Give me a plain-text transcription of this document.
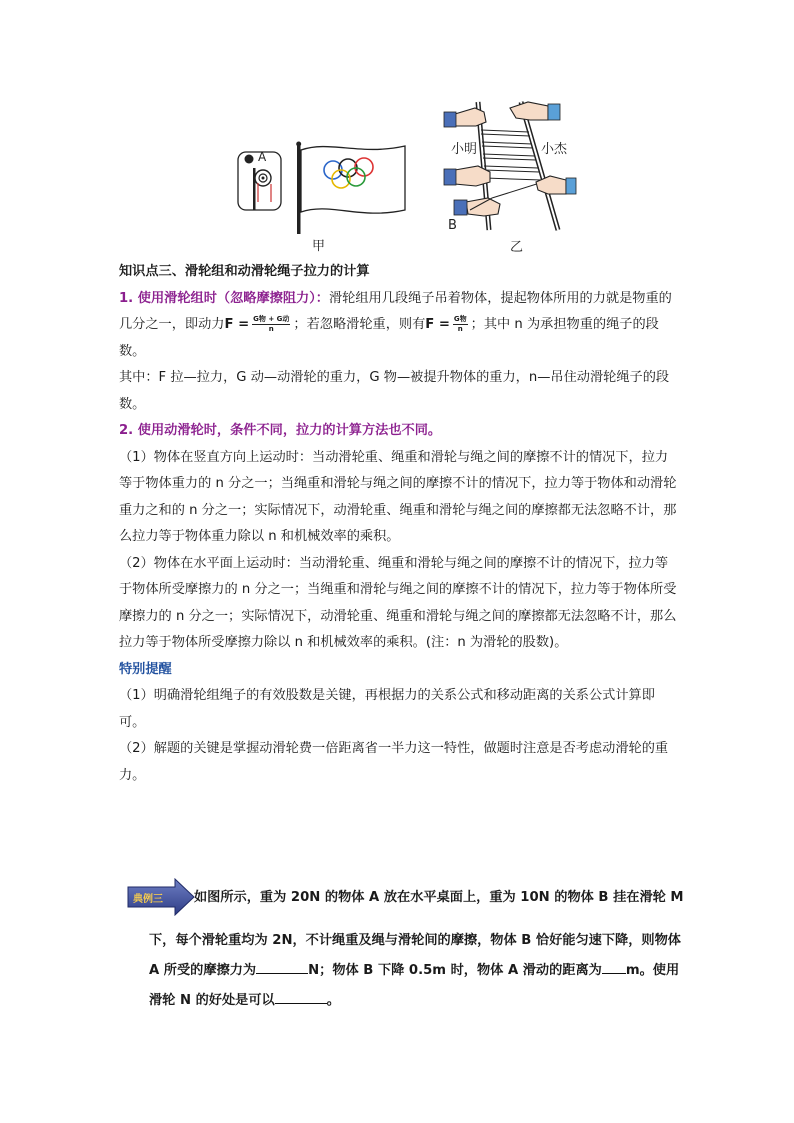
A
甲
小明	小杰
B
乙

知识点三、滑轮组和动滑轮绳子拉力的计算

1. 使用滑轮组时（忽略摩擦阻力）：滑轮组用几段绳子吊着物体，提起物体所用的力就是物重的几分之一，即动力$F = \frac{\text{G物 + G动}}{n}$ ；若忽略滑轮重，则有$F = \frac{\text{G物}}{n}$ ；其中 n 为承担物重的绳子的段数。

其中：F 拉—拉力，G 动—动滑轮的重力，G 物—被提升物体的重力，n—吊住动滑轮绳子的段数。

2. 使用动滑轮时，条件不同，拉力的计算方法也不同。

（1）物体在竖直方向上运动时：当动滑轮重、绳重和滑轮与绳之间的摩擦不计的情况下，拉力等于物体重力的 n 分之一；当绳重和滑轮与绳之间的摩擦不计的情况下，拉力等于物体和动滑轮重力之和的 n 分之一；实际情况下，动滑轮重、绳重和滑轮与绳之间的摩擦都无法忽略不计，那么拉力等于物体重力除以 n 和机械效率的乘积。

（2）物体在水平面上运动时：当动滑轮重、绳重和滑轮与绳之间的摩擦不计的情况下，拉力等于物体所受摩擦力的 n 分之一；当绳重和滑轮与绳之间的摩擦不计的情况下，拉力等于物体所受摩擦力的 n 分之一；实际情况下，动滑轮重、绳重和滑轮与绳之间的摩擦都无法忽略不计，那么拉力等于物体所受摩擦力除以 n 和机械效率的乘积。(注：n 为滑轮的股数)。

特别提醒

（1）明确滑轮组绳子的有效股数是关键，再根据力的关系公式和移动距离的关系公式计算即可。

（2）解题的关键是掌握动滑轮费一倍距离省一半力这一特性，做题时注意是否考虑动滑轮的重力。

典例三 如图所示，重为 20N 的物体 A 放在水平桌面上，重为 10N 的物体 B 挂在滑轮 M
下，每个滑轮重均为 2N，不计绳重及绳与滑轮间的摩擦，物体 B 恰好能匀速下降，则物体 A 所受的摩擦力为	N；物体 B 下降 0.5m 时，物体 A 滑动的距离为 m。使用滑轮 N 的好处是可以	。
